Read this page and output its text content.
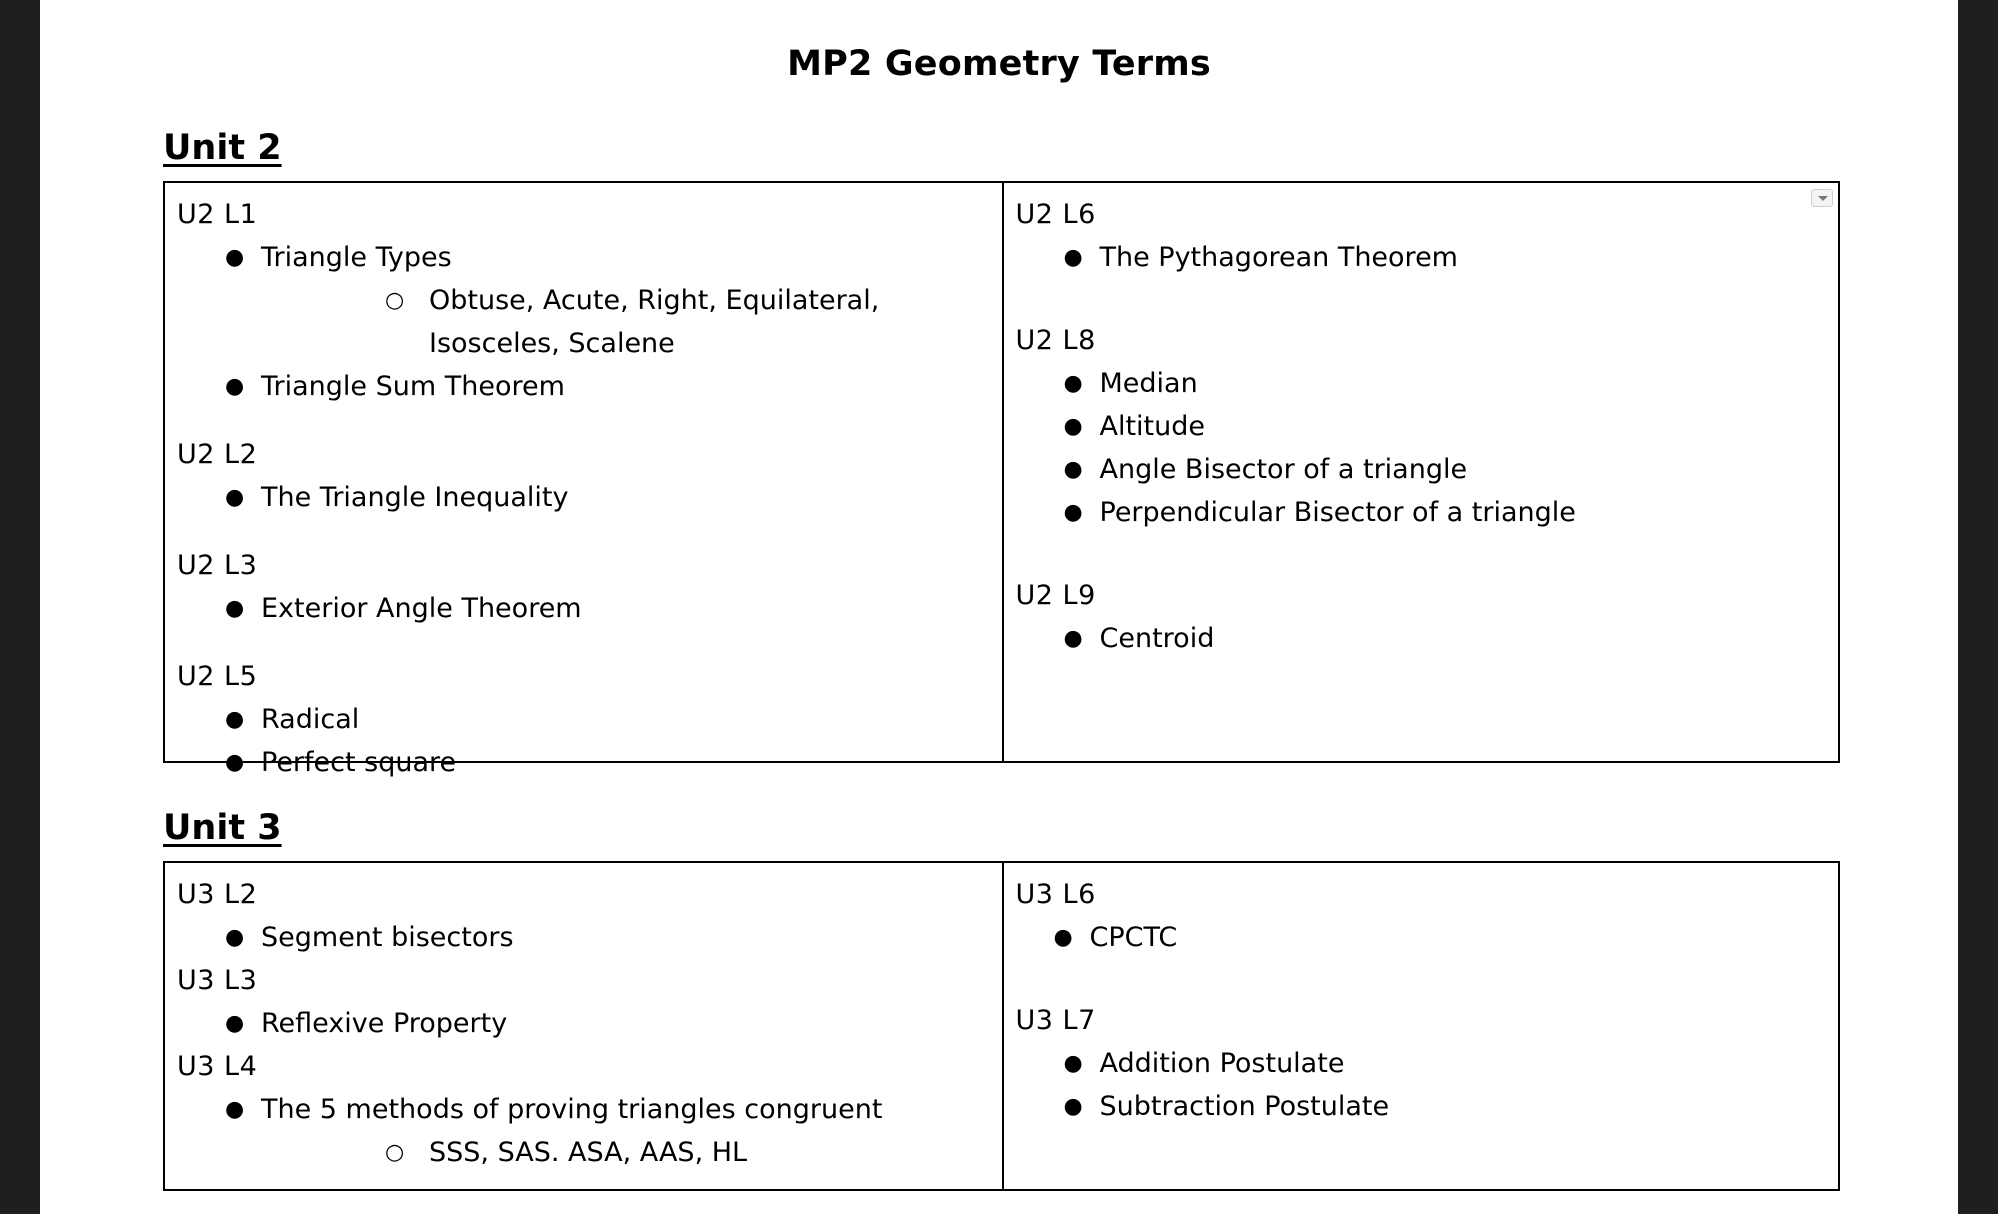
MP2 Geometry Terms
Unit 2
U2 L1
● Triangle Types
○ Obtuse, Acute, Right, Equilateral, Isosceles, Scalene
● Triangle Sum Theorem
U2 L2
● The Triangle Inequality
U2 L3
● Exterior Angle Theorem
U2 L5
● Radical
● Perfect square
U2 L6
● The Pythagorean Theorem
U2 L8
● Median
● Altitude
● Angle Bisector of a triangle
● Perpendicular Bisector of a triangle
U2 L9
● Centroid
Unit 3
U3 L2
● Segment bisectors
U3 L3
● Reflexive Property
U3 L4
● The 5 methods of proving triangles congruent
○ SSS, SAS. ASA, AAS, HL
U3 L6
● CPCTC
U3 L7
● Addition Postulate
● Subtraction Postulate
